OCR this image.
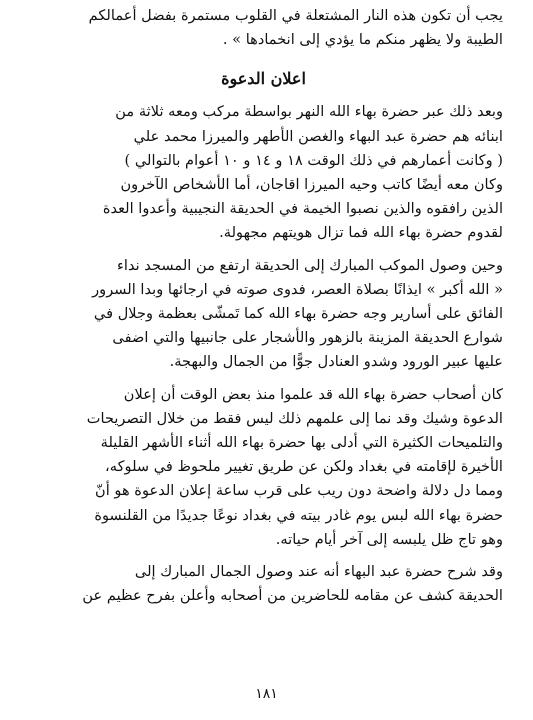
يجب أن تكون هذه النار المشتعلة في القلوب مستمرة بفضل أعمالكم
الطيبة ولا يظهر منكم ما يؤدي إلى انخمادها » .

اعلان الدعوة

وبعد ذلك عبر حضرة بهاء الله النهر بواسطة مركب ومعه ثلاثة من
ابنائه هم حضرة عبد البهاء والغصن الأطهر والميرزا محمد علي
( وكانت أعمارهم في ذلك الوقت ١٨ و ١٤ و ١٠ أعوام بالتوالي )
وكان معه أيضًا كاتب وحيه الميرزا اقاجان، أما الأشخاص الآخرون
الذين رافقوه والذين نصبوا الخيمة في الحديقة النجيبية وأعدوا العدة
لقدوم حضرة بهاء الله فما تزال هويتهم مجهولة.

وحين وصول الموكب المبارك إلى الحديقة ارتفع من المسجد نداء
« الله أكبر » ايذانًا بصلاة العصر، فدوى صوته في ارجائها وبدا السرور
الفائق على أسارير وجه حضرة بهاء الله كما تَمشّى بعظمة وجلال في
شوارع الحديقة المزينة بالزهور والأشجار على جانبيها والتي اضفى
عليها عبير الورود وشدو العنادل جوًّا من الجمال والبهجة.

كان أصحاب حضرة بهاء الله قد علموا منذ بعض الوقت أن إعلان
الدعوة وشيك وقد نما إلى علمهم ذلك ليس فقط من خلال التصريحات
والتلميحات الكثيرة التي أدلى بها حضرة بهاء الله أثناء الأشهر القليلة
الأخيرة لإقامته في بغداد ولكن عن طريق تغيير ملحوظ في سلوكه،
ومما دل دلالة واضحة دون ريب على قرب ساعة إعلان الدعوة هو أنّ
حضرة بهاء الله لبس يوم غادر بيته في بغداد نوعًا جديدًا من القلنسوة
وهو تاج ظل يلبسه إلى آخر أيام حياته.

وقد شرح حضرة عبد البهاء أنه عند وصول الجمال المبارك إلى
الحديقة كشف عن مقامه للحاضرين من أصحابه وأعلن بفرح عظيم عن

١٨١
